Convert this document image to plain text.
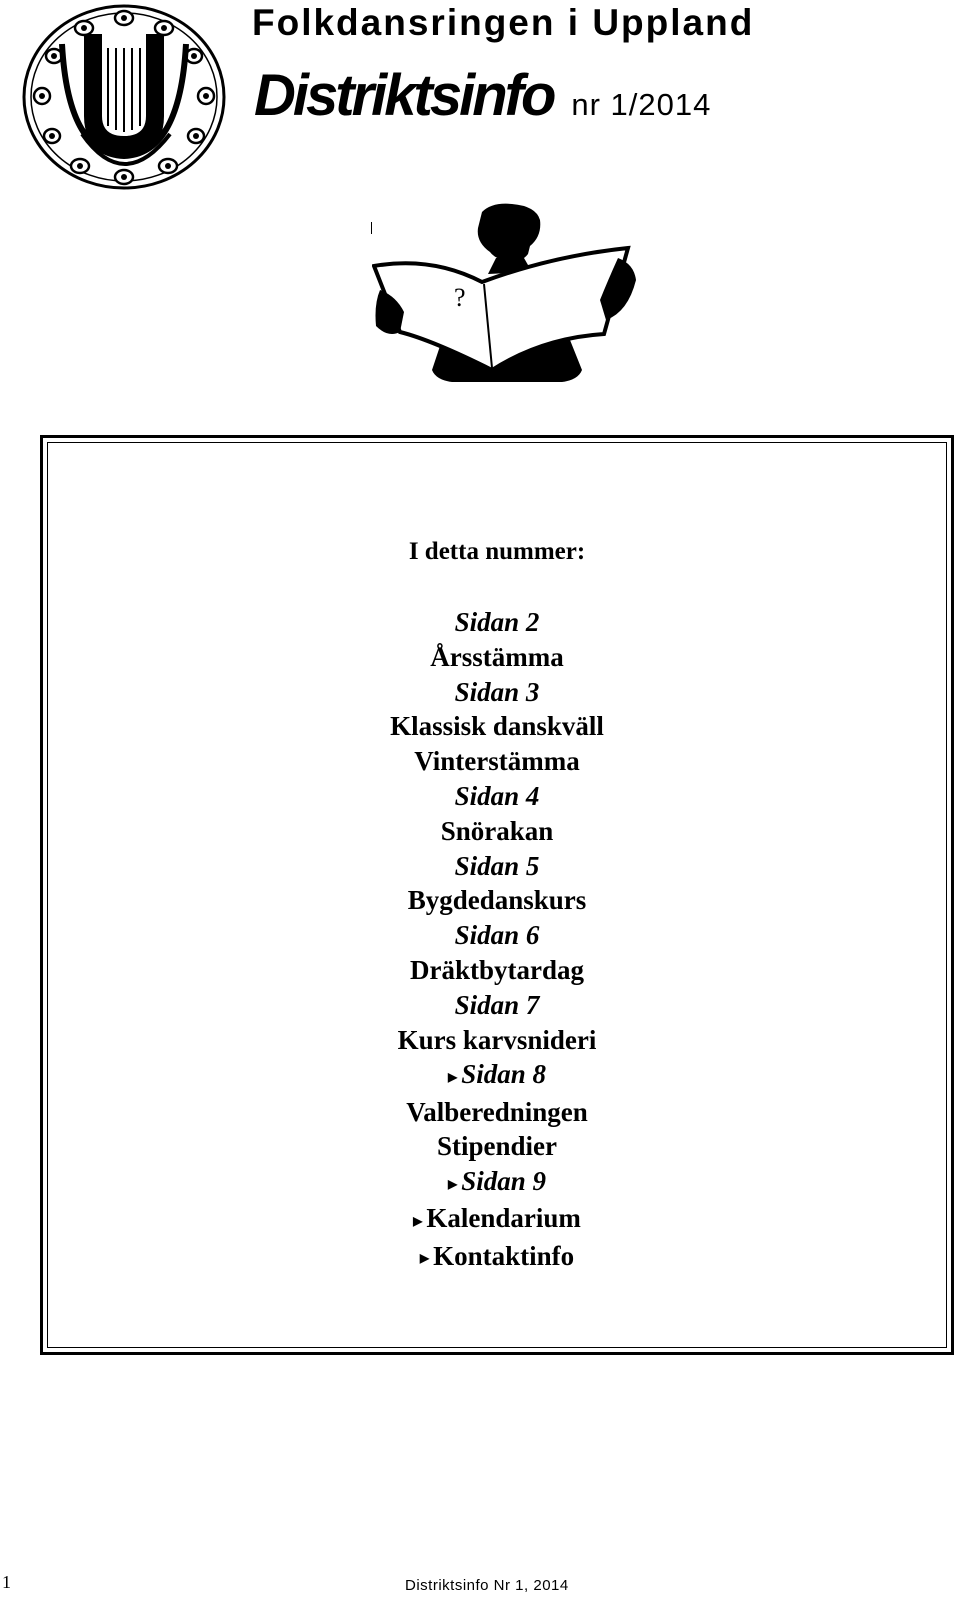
Folkdansringen i Uppland
Distriktsinfo nr 1/2014
?
I detta nummer:
Sidan 2
Årsstämma
Sidan 3
Klassisk danskväll
Vinterstämma
Sidan 4
Snörakan
Sidan 5
Bygdedanskurs
Sidan 6
Dräktbytardag
Sidan 7
Kurs karvsnideri
▶ Sidan 8
Valberedningen
Stipendier
▶ Sidan 9
▶ Kalendarium
▶ Kontaktinfo
1	Distriktsinfo Nr 1, 2014
